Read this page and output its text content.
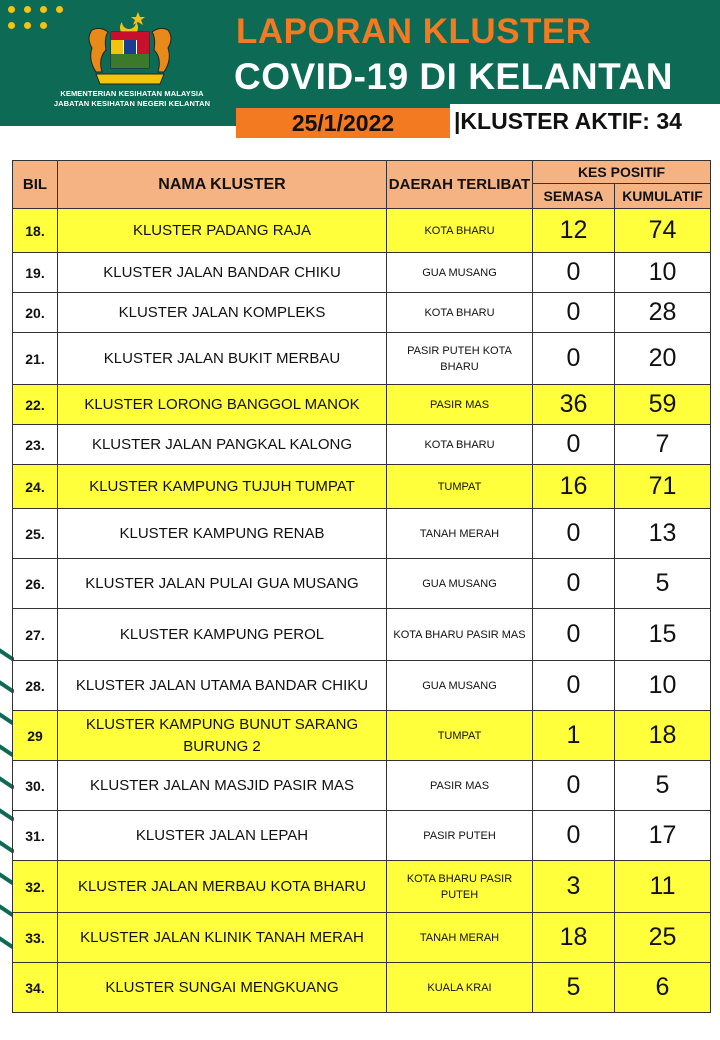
KEMENTERIAN KESIHATAN MALAYSIA
JABATAN KESIHATAN NEGERI KELANTAN
LAPORAN KLUSTER
COVID-19 DI KELANTAN
25/1/2022	|KLUSTER AKTIF: 34
BIL	NAMA KLUSTER	DAERAH TERLIBAT	KES POSITIF	
			SEMASA	KUMULATIF
18.	KLUSTER PADANG RAJA	KOTA BHARU	12	74
19.	KLUSTER JALAN BANDAR CHIKU	GUA MUSANG	0	10
20.	KLUSTER JALAN KOMPLEKS	KOTA BHARU	0	28
21.	KLUSTER JALAN BUKIT MERBAU	PASIR PUTEH KOTA BHARU	0	20
22.	KLUSTER LORONG BANGGOL MANOK	PASIR MAS	36	59
23.	KLUSTER JALAN PANGKAL KALONG	KOTA BHARU	0	7
24.	KLUSTER KAMPUNG TUJUH TUMPAT	TUMPAT	16	71
25.	KLUSTER KAMPUNG RENAB	TANAH MERAH	0	13
26.	KLUSTER JALAN PULAI GUA MUSANG	GUA MUSANG	0	5
27.	KLUSTER KAMPUNG PEROL	KOTA BHARU PASIR MAS	0	15
28.	KLUSTER JALAN UTAMA BANDAR CHIKU	GUA MUSANG	0	10
29	KLUSTER KAMPUNG BUNUT SARANG BURUNG 2	TUMPAT	1	18
30.	KLUSTER JALAN MASJID PASIR MAS	PASIR MAS	0	5
31.	KLUSTER JALAN LEPAH	PASIR PUTEH	0	17
32.	KLUSTER JALAN MERBAU KOTA BHARU	KOTA BHARU PASIR PUTEH	3	11
33.	KLUSTER JALAN KLINIK TANAH MERAH	TANAH MERAH	18	25
34.	KLUSTER SUNGAI MENGKUANG	KUALA KRAI	5	6
